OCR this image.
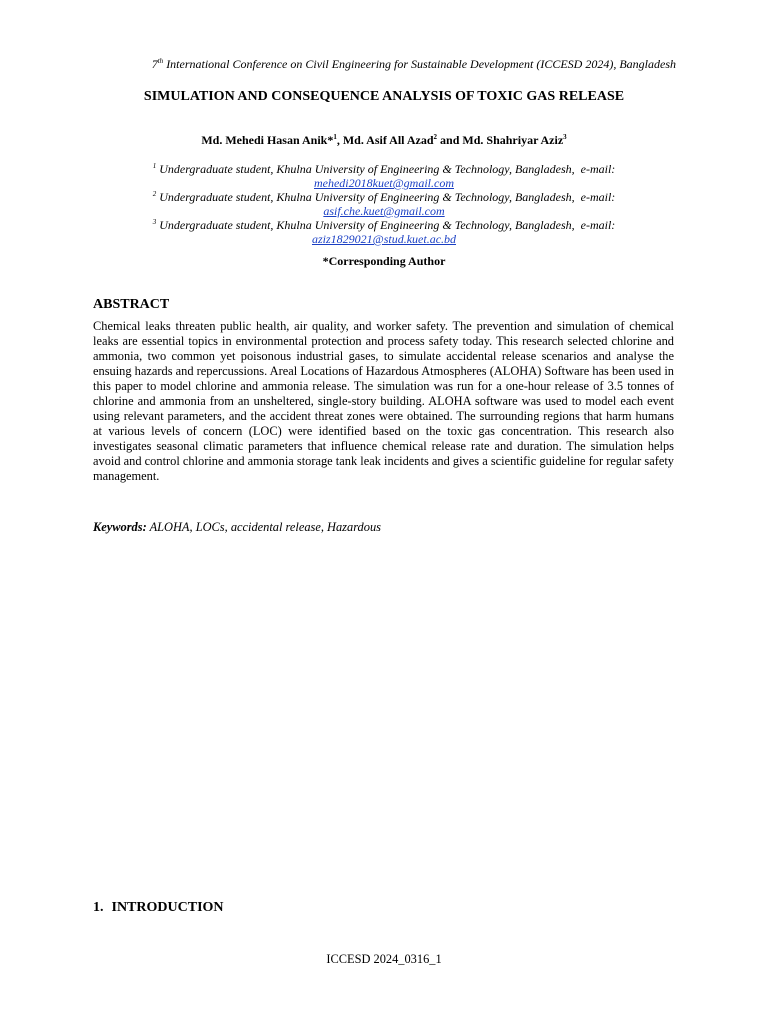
7th International Conference on Civil Engineering for Sustainable Development (ICCESD 2024), Bangladesh
SIMULATION AND CONSEQUENCE ANALYSIS OF TOXIC GAS RELEASE
Md. Mehedi Hasan Anik*$^1$, Md. Asif All Azad$^2$ and Md. Shahriyar Aziz$^3$

$^1$ Undergraduate student, Khulna University of Engineering & Technology, Bangladesh,  e-mail:
mehedi2018kuet@gmail.com

$^2$ Undergraduate student, Khulna University of Engineering & Technology, Bangladesh,  e-mail:
asif.che.kuet@gmail.com

$^3$ Undergraduate student, Khulna University of Engineering & Technology, Bangladesh,  e-mail:
aziz1829021@stud.kuet.ac.bd

*Corresponding Author
ABSTRACT
Chemical leaks threaten public health, air quality, and worker safety. The prevention and simulation of chemical leaks are essential topics in environmental protection and process safety today. This research selected chlorine and ammonia, two common yet poisonous industrial gases, to simulate accidental release scenarios and analyse the ensuing hazards and repercussions. Areal Locations of Hazardous Atmospheres (ALOHA) Software has been used in this paper to model chlorine and ammonia release. The simulation was run for a one-hour release of 3.5 tonnes of chlorine and ammonia from an unsheltered, single-story building. ALOHA software was used to model each event using relevant parameters, and the accident threat zones were obtained. The surrounding regions that harm humans at various levels of concern (LOC) were identified based on the toxic gas concentration. This research also investigates seasonal climatic parameters that influence chemical release rate and duration. The simulation helps avoid and control chlorine and ammonia storage tank leak incidents and gives a scientific guideline for regular safety management.
Keywords: ALOHA, LOCs, accidental release, Hazardous
1. INTRODUCTION
ICCESD 2024_0316_1
